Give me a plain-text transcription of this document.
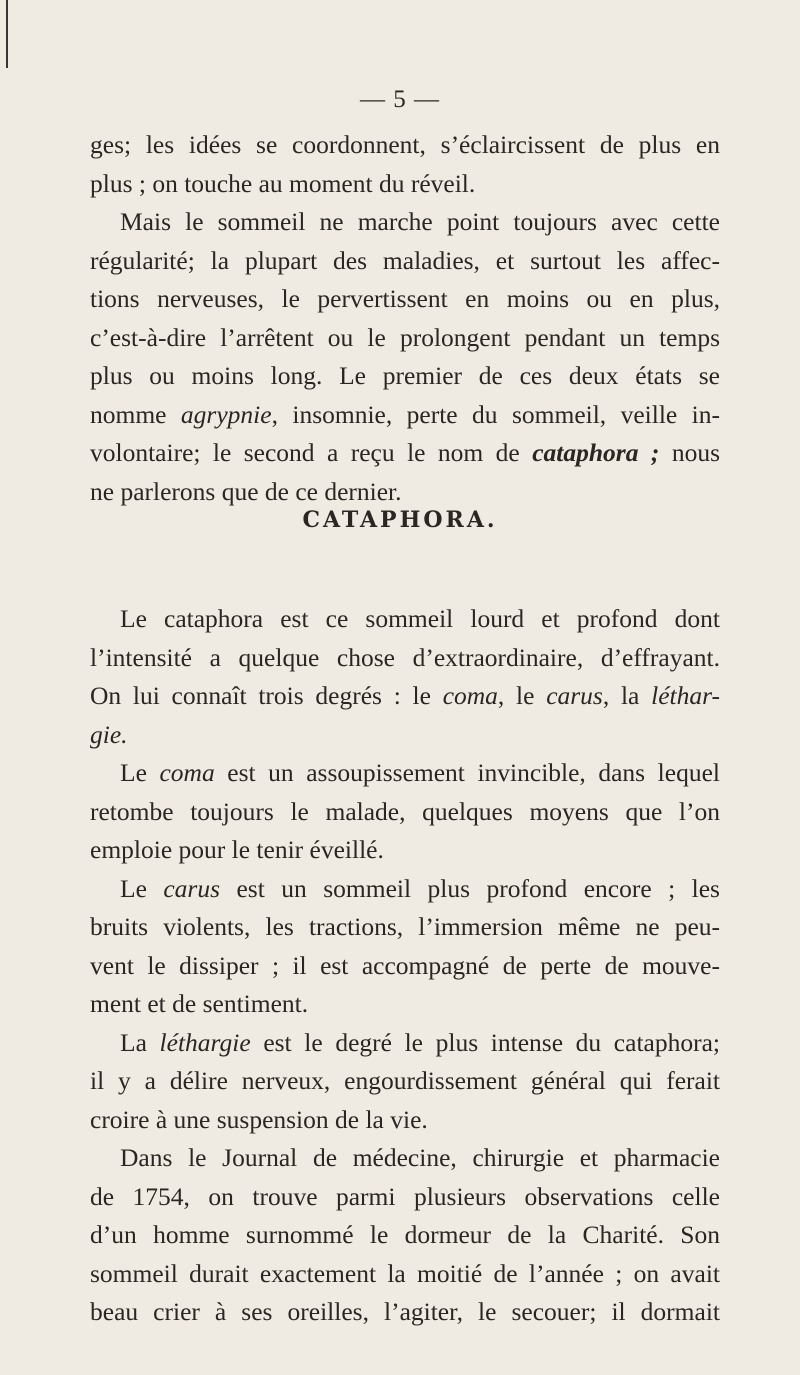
— 5 —
ges; les idées se coordonnent, s’éclaircissent de plus en
plus ; on touche au moment du réveil.
Mais le sommeil ne marche point toujours avec cette
régularité; la plupart des maladies, et surtout les affec-
tions nerveuses, le pervertissent en moins ou en plus,
c’est-à-dire l’arrêtent ou le prolongent pendant un temps
plus ou moins long. Le premier de ces deux états se
nomme agrypnie, insomnie, perte du sommeil, veille in-
volontaire; le second a reçu le nom de cataphora ; nous
ne parlerons que de ce dernier.
CATAPHORA.
Le cataphora est ce sommeil lourd et profond dont
l’intensité a quelque chose d’extraordinaire, d’effrayant.
On lui connaît trois degrés : le coma, le carus, la léthar-
gie.
Le coma est un assoupissement invincible, dans lequel
retombe toujours le malade, quelques moyens que l’on
emploie pour le tenir éveillé.
Le carus est un sommeil plus profond encore ; les
bruits violents, les tractions, l’immersion même ne peu-
vent le dissiper ; il est accompagné de perte de mouve-
ment et de sentiment.
La léthargie est le degré le plus intense du cataphora;
il y a délire nerveux, engourdissement général qui ferait
croire à une suspension de la vie.
Dans le Journal de médecine, chirurgie et pharmacie
de 1754, on trouve parmi plusieurs observations celle
d’un homme surnommé le dormeur de la Charité. Son
sommeil durait exactement la moitié de l’année ; on avait
beau crier à ses oreilles, l’agiter, le secouer; il dormait
